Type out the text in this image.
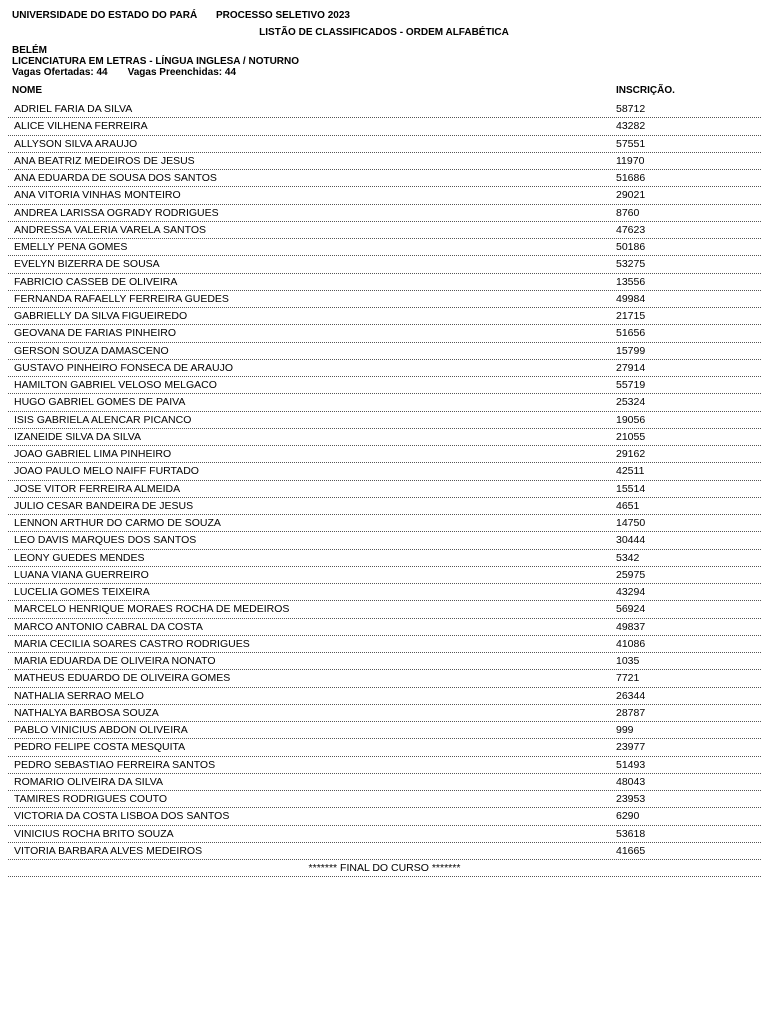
UNIVERSIDADE DO ESTADO DO PARÁ PROCESSO SELETIVO 2023
LISTÃO DE CLASSIFICADOS - ORDEM ALFABÉTICA
BELÉM
LICENCIATURA EM LETRAS - LÍNGUA INGLESA / NOTURNO
Vagas Ofertadas: 44 Vagas Preenchidas: 44
NOME	INSCRIÇÃO.
ADRIEL FARIA DA SILVA	58712
ALICE VILHENA FERREIRA	43282
ALLYSON SILVA ARAUJO	57551
ANA BEATRIZ MEDEIROS DE JESUS	11970
ANA EDUARDA DE SOUSA DOS SANTOS	51686
ANA VITORIA VINHAS MONTEIRO	29021
ANDREA LARISSA OGRADY RODRIGUES	8760
ANDRESSA VALERIA VARELA SANTOS	47623
EMELLY PENA GOMES	50186
EVELYN BIZERRA DE SOUSA	53275
FABRICIO CASSEB DE OLIVEIRA	13556
FERNANDA RAFAELLY FERREIRA GUEDES	49984
GABRIELLY DA SILVA FIGUEIREDO	21715
GEOVANA DE FARIAS PINHEIRO	51656
GERSON SOUZA DAMASCENO	15799
GUSTAVO PINHEIRO FONSECA DE ARAUJO	27914
HAMILTON GABRIEL VELOSO MELGACO	55719
HUGO GABRIEL GOMES DE PAIVA	25324
ISIS GABRIELA ALENCAR PICANCO	19056
IZANEIDE SILVA DA SILVA	21055
JOAO GABRIEL LIMA PINHEIRO	29162
JOAO PAULO MELO NAIFF FURTADO	42511
JOSE VITOR FERREIRA ALMEIDA	15514
JULIO CESAR BANDEIRA DE JESUS	4651
LENNON ARTHUR DO CARMO DE SOUZA	14750
LEO DAVIS MARQUES DOS SANTOS	30444
LEONY GUEDES MENDES	5342
LUANA VIANA GUERREIRO	25975
LUCELIA GOMES TEIXEIRA	43294
MARCELO HENRIQUE MORAES ROCHA DE MEDEIROS	56924
MARCO ANTONIO CABRAL DA COSTA	49837
MARIA CECILIA SOARES CASTRO RODRIGUES	41086
MARIA EDUARDA DE OLIVEIRA NONATO	1035
MATHEUS EDUARDO DE OLIVEIRA GOMES	7721
NATHALIA SERRAO MELO	26344
NATHALYA BARBOSA SOUZA	28787
PABLO VINICIUS ABDON OLIVEIRA	999
PEDRO FELIPE COSTA MESQUITA	23977
PEDRO SEBASTIAO FERREIRA SANTOS	51493
ROMARIO OLIVEIRA DA SILVA	48043
TAMIRES RODRIGUES COUTO	23953
VICTORIA DA COSTA LISBOA DOS SANTOS	6290
VINICIUS ROCHA BRITO SOUZA	53618
VITORIA BARBARA ALVES MEDEIROS	41665
******* FINAL DO CURSO *******
